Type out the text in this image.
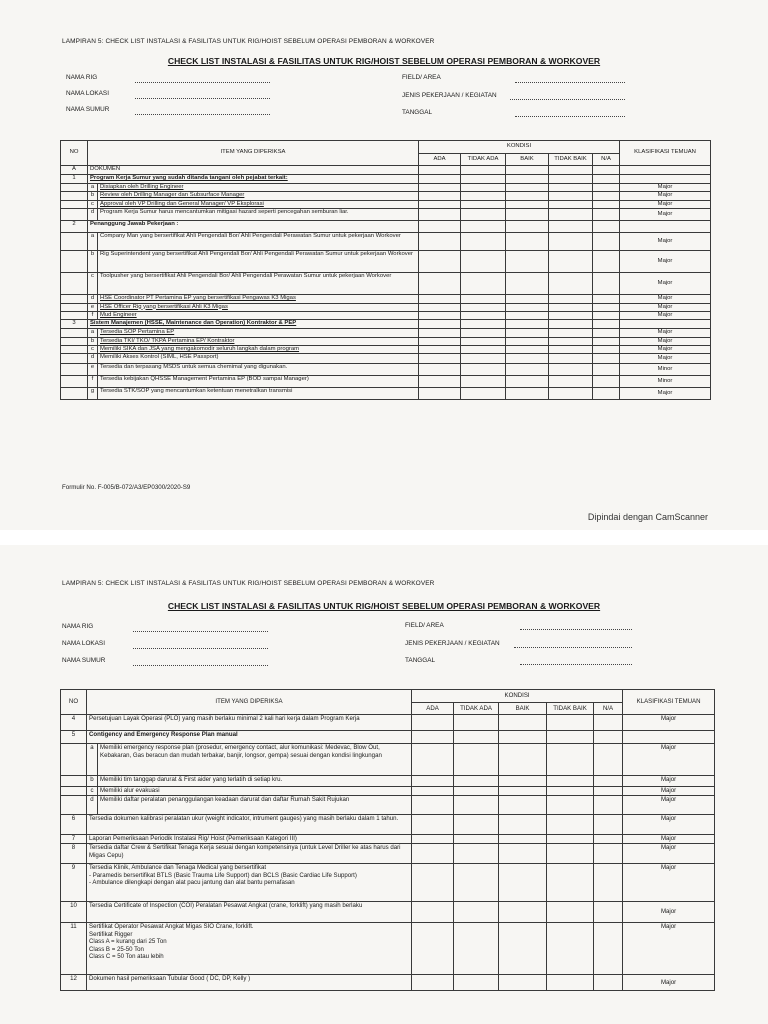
LAMPIRAN 5: CHECK LIST INSTALASI & FASILITAS UNTUK RIG/HOIST SEBELUM OPERASI PEMBORAN & WORKOVER
CHECK LIST INSTALASI & FASILITAS UNTUK RIG/HOIST SEBELUM OPERASI PEMBORAN & WORKOVER
NAMA RIG
NAMA LOKASI
NAMA SUMUR
FIELD/ AREA
JENIS PEKERJAAN / KEGIATAN
TANGGAL
NO	ITEM YANG DIPERIKSA		KONDISI					KLASIFIKASI TEMUAN
			ADA	TIDAK ADA	BAIK	TIDAK BAIK	N/A	
A	DOKUMEN							
1	Program Kerja Sumur yang sudah ditanda tangani oleh pejabat terkait:							
	a	Disiapkan oleh Drilling Engineer						Major
	b	Review oleh Drilling Manager dan Subsurface Manager						Major
	c	Approval oleh VP Drilling dan General Manager/ VP Eksplorasi						Major
	d	Program Kerja Sumur harus mencantumkan mitigasi hazard seperti pencegahan semburan liar.						Major
2	Penanggung Jawab Pekerjaan :							
	a	Company Man yang bersertifikat Ahli Pengendali Bor/ Ahli Pengendali Perawatan Sumur untuk pekerjaan Workover						Major
	b	Rig Superintendent yang bersertifikat Ahli Pengendali Bor/ Ahli Pengendali Perawatan Sumur untuk pekerjaan Workover						Major
	c	Toolpusher yang bersertifikat Ahli Pengendali Bor/ Ahli Pengendali Perawatan Sumur untuk pekerjaan Workover						Major
	d	HSE Coordinator PT Pertamina EP yang bersertifikasi Pengawas K3 Migas						Major
	e	HSE Officer Rig yang bersertifikasi Ahli K3 Migas						Major
	f	Mud Engineer						Major
3	Sistem Manajemen (HSSE, Maintenance dan Operation) Kontraktor & PEP							
	a	Tersedia SOP Pertamina EP						Major
	b	Tersedia TKI/ TKO/ TKPA Pertamina EP/ Kontraktor						Major
	c	Memiliki SIKA dan JSA yang mengakomodir seluruh langkah dalam program						Major
	d	Memiliki Akses Kontrol (SIML, HSE Passport)						Major
	e	Tersedia dan terpasang MSDS untuk semua chemimal yang digunakan.						Minor
	f	Tersedia kebijakan QHSSE Management Pertamina EP (BOD sampai Manager)						Minor
	g	Tersedia STK/SOP yang mencantumkan ketentuan menetralkan transmisi						Major
Formulir No. F-005/B-072/A3/EP0300/2020-S9
Dipindai dengan CamScanner
LAMPIRAN 5: CHECK LIST INSTALASI & FASILITAS UNTUK RIG/HOIST SEBELUM OPERASI PEMBORAN & WORKOVER
CHECK LIST INSTALASI & FASILITAS UNTUK RIG/HOIST SEBELUM OPERASI PEMBORAN & WORKOVER
NAMA RIG
NAMA LOKASI
NAMA SUMUR
FIELD/ AREA
JENIS PEKERJAAN / KEGIATAN
TANGGAL
NO	ITEM YANG DIPERIKSA		KONDISI					KLASIFIKASI TEMUAN
			ADA	TIDAK ADA	BAIK	TIDAK BAIK	N/A	
4	Persetujuan Layak Operasi (PLO) yang masih berlaku minimal 2 kali hari kerja dalam Program Kerja							Major
5	Contigency and Emergency Response Plan manual							
	a	Memiliki emergency response plan (prosedur, emergency contact, alur komunikasi: Medevac, Blow Out, Kebakaran, Gas beracun dan mudah terbakar, banjir, longsor, gempa) sesuai dengan kondisi lingkungan						Major
	b	Memiliki tim tanggap darurat & First aider yang terlatih di setiap kru.						Major
	c	Memiliki alur evakuasi						Major
	d	Memiliki daftar peralatan penanggulangan keadaan darurat dan daftar Rumah Sakit Rujukan						Major
6	Tersedia dokumen kalibrasi peralatan ukur (weight indicator, intrument gauges) yang masih berlaku dalam 1 tahun.							Major
7	Laporan Pemeriksaan Periodik Instalasi Rig/ Hoist (Pemeriksaan Kategori III)							Major
8	Tersedia daftar Crew & Sertifikat Tenaga Kerja sesuai dengan kompetensinya (untuk Level Driller ke atas harus dari Migas Cepu)							Major
9	Tersedia Klinik, Ambulance dan Tenaga Medical yang bersertifikat
- Paramedis bersertifikat BTLS (Basic Trauma Life Support) dan BCLS (Basic Cardiac Life Support)
- Ambulance dilengkapi dengan alat pacu jantung dan alat bantu pernafasan							Major
10	Tersedia Certificate of Inspection (COI) Peralatan Pesawat Angkat (crane, forklift) yang masih berlaku							Major
11	Sertifikat Operator Pesawat Angkat Migas SIO Crane, forklift.
Sertifikat Rigger
Class A = kurang dari 25 Ton
Class B = 25-50 Ton
Class C = 50 Ton atau lebih							Major
12	Dokumen hasil pemeriksaan Tubular Good ( DC, DP, Kelly )							Major
